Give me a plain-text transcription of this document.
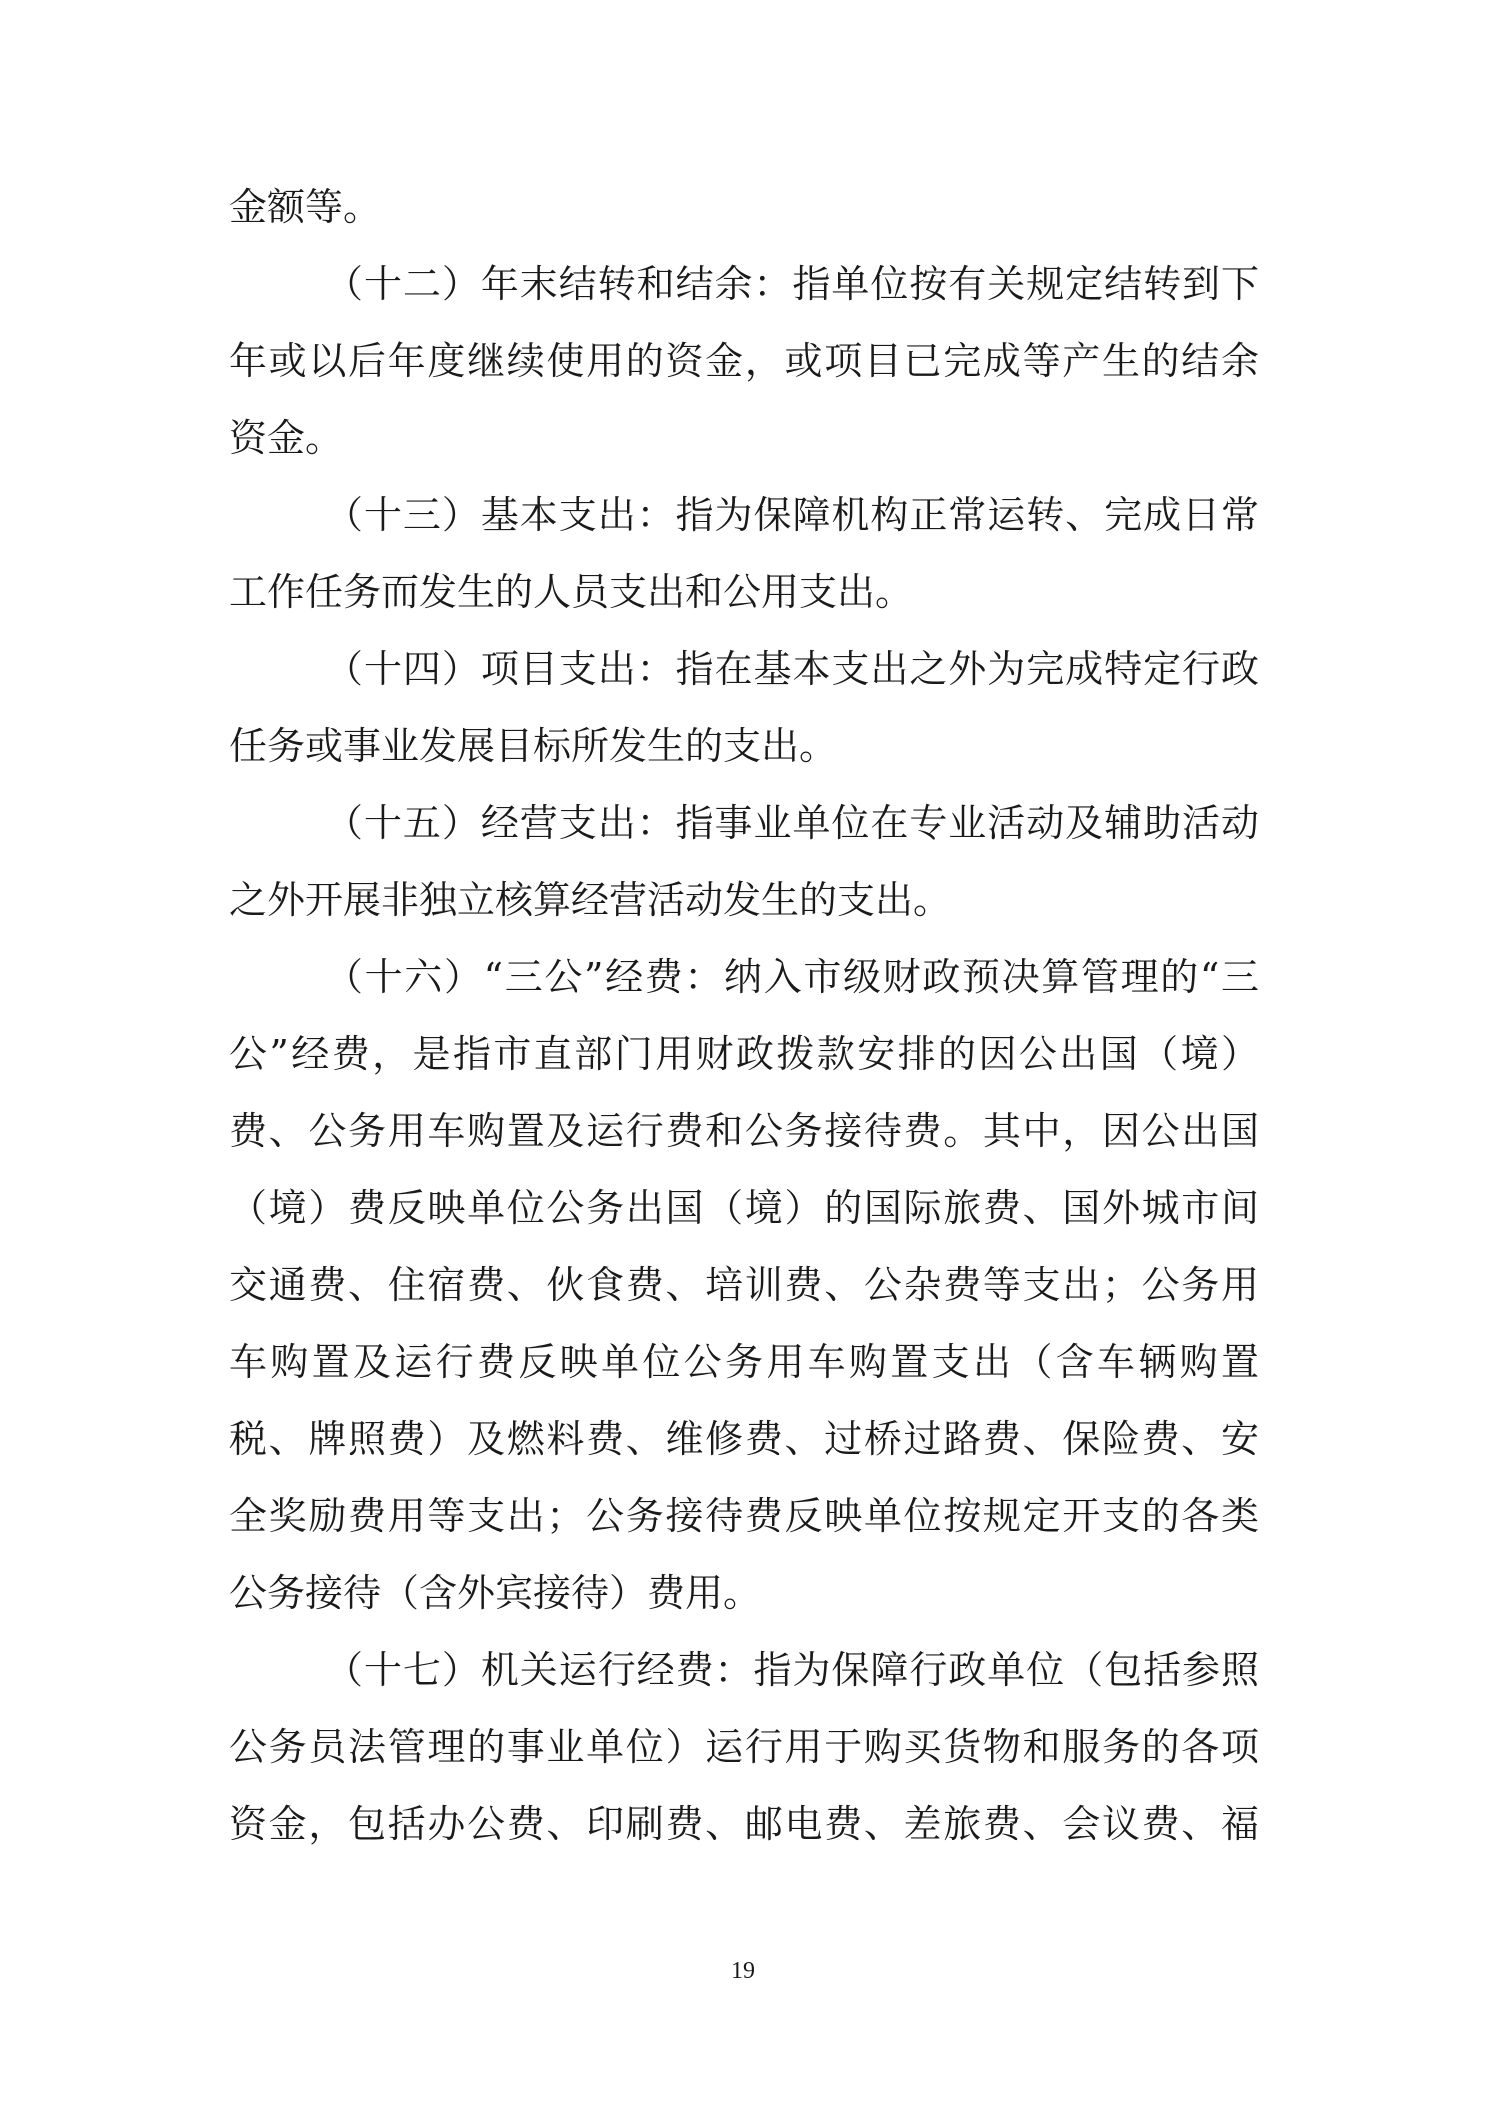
金额等。
（十二）年末结转和结余：指单位按有关规定结转到下
年或以后年度继续使用的资金，或项目已完成等产生的结余
资金。
（十三）基本支出：指为保障机构正常运转、完成日常
工作任务而发生的人员支出和公用支出。
（十四）项目支出：指在基本支出之外为完成特定行政
任务或事业发展目标所发生的支出。
（十五）经营支出：指事业单位在专业活动及辅助活动
之外开展非独立核算经营活动发生的支出。
（十六）“三公”经费：纳入市级财政预决算管理的“三
公”经费，是指市直部门用财政拨款安排的因公出国（境）
费、公务用车购置及运行费和公务接待费。其中，因公出国
（境）费反映单位公务出国（境）的国际旅费、国外城市间
交通费、住宿费、伙食费、培训费、公杂费等支出；公务用
车购置及运行费反映单位公务用车购置支出（含车辆购置
税、牌照费）及燃料费、维修费、过桥过路费、保险费、安
全奖励费用等支出；公务接待费反映单位按规定开支的各类
公务接待（含外宾接待）费用。
（十七）机关运行经费：指为保障行政单位（包括参照
公务员法管理的事业单位）运行用于购买货物和服务的各项
资金，包括办公费、印刷费、邮电费、差旅费、会议费、福
19
